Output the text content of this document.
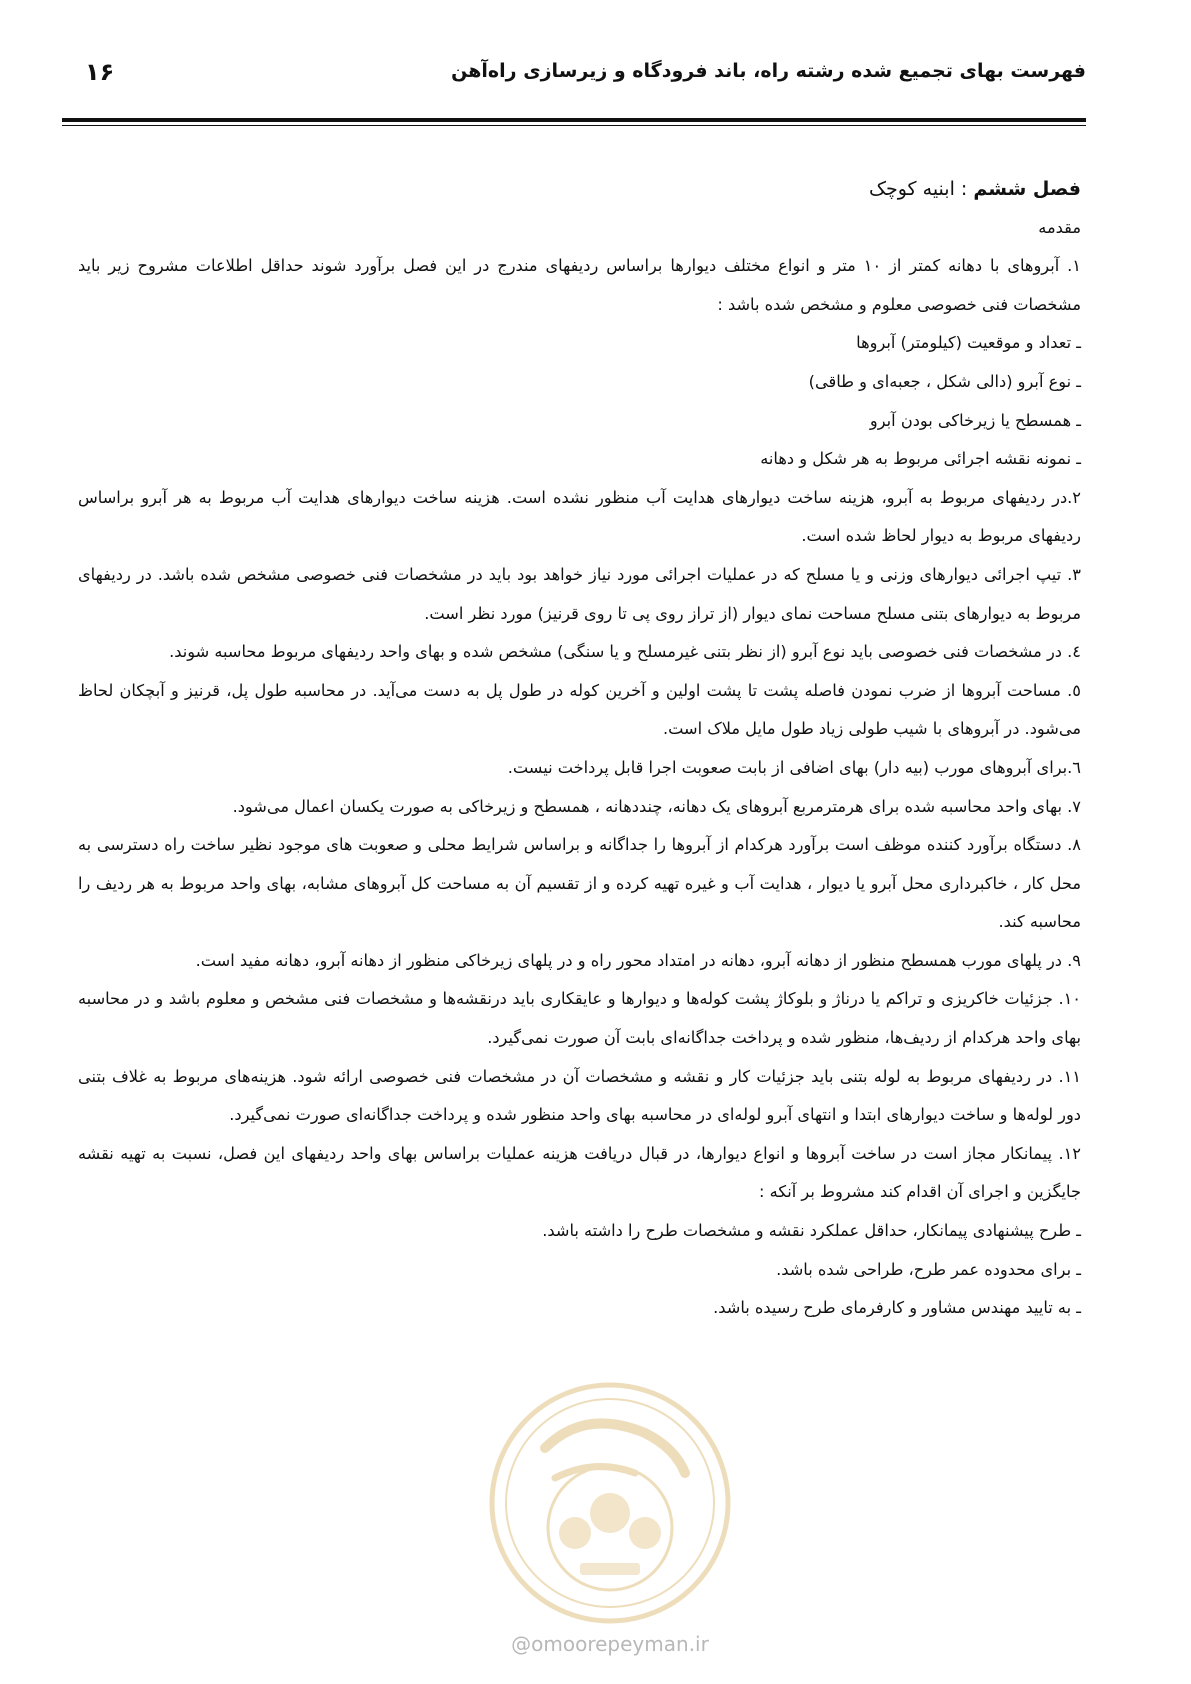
۱۶	فهرست بهای تجمیع شده رشته راه، باند فرودگاه و زیرسازی راه‌آهن

فصل ششم : ابنیه کوچک

مقدمه

۱. آبروهای با دهانه کمتر از ۱۰ متر و انواع مختلف دیوارها براساس ردیفهای مندرج در این فصل برآورد شوند حداقل اطلاعات مشروح زیر باید مشخصات فنی خصوصی معلوم و مشخص شده باشد :

ـ تعداد و موقعیت (کیلومتر) آبروها

ـ نوع آبرو (دالی شکل ، جعبه‌ای و طاقی)

ـ همسطح یا زیرخاکی بودن آبرو

ـ نمونه نقشه اجرائی مربوط به هر شکل و دهانه

۲.در ردیفهای مربوط به آبرو، هزینه ساخت دیوارهای هدایت آب منظور نشده است. هزینه ساخت دیوارهای هدایت آب مربوط به هر آبرو براساس ردیفهای مربوط به دیوار لحاظ شده است.

۳. تیپ اجرائی دیوارهای وزنی و یا مسلح که در عملیات اجرائی مورد نیاز خواهد بود باید در مشخصات فنی خصوصی مشخص شده باشد. در ردیفهای مربوط به دیوارهای بتنی مسلح مساحت نمای دیوار (از تراز روی پی تا روی قرنیز) مورد نظر است.

٤. در مشخصات فنی خصوصی باید نوع آبرو (از نظر بتنی غیرمسلح و یا سنگی) مشخص شده و بهای واحد ردیفهای مربوط محاسبه شوند.

٥. مساحت آبروها از ضرب نمودن فاصله پشت تا پشت اولین و آخرین کوله در طول پل به دست می‌آید. در محاسبه طول پل، قرنیز و آبچکان لحاظ می‌شود. در آبروهای با شیب طولی زیاد طول مایل ملاک است.

٦.برای آبروهای مورب (بیه دار) بهای اضافی از بابت صعوبت اجرا قابل پرداخت نیست.

۷. بهای واحد محاسبه شده برای هرمترمربع آبروهای یک دهانه، چنددهانه ، همسطح و زیرخاکی به صورت یکسان اعمال می‌شود.

۸. دستگاه برآورد کننده موظف است برآورد هرکدام از آبروها را جداگانه و براساس شرایط محلی و صعوبت های موجود نظیر ساخت راه دسترسی به محل کار ، خاکبرداری محل آبرو یا دیوار ، هدایت آب و غیره تهیه کرده و از تقسیم آن به مساحت کل آبروهای مشابه، بهای واحد مربوط به هر ردیف را محاسبه کند.

۹. در پلهای مورب همسطح منظور از دهانه آبرو، دهانه در امتداد محور راه و در پلهای زیرخاکی منظور از دهانه آبرو، دهانه مفید است.

۱۰. جزئیات خاکریزی و تراکم یا درناژ و بلوکاژ پشت کوله‌ها و دیوارها و عایقکاری باید درنقشه‌ها و مشخصات فنی مشخص و معلوم باشد و در محاسبه بهای واحد هرکدام از ردیف‌ها، منظور شده و پرداخت جداگانه‌ای بابت آن صورت نمی‌گیرد.

۱۱. در ردیفهای مربوط به لوله بتنی باید جزئیات کار و نقشه و مشخصات آن در مشخصات فنی خصوصی ارائه شود. هزینه‌های مربوط به غلاف بتنی دور لوله‌ها و ساخت دیوارهای ابتدا و انتهای آبرو لوله‌ای در محاسبه بهای واحد منظور شده و پرداخت جداگانه‌ای صورت نمی‌گیرد.

۱۲. پیمانکار مجاز است در ساخت آبروها و انواع دیوارها، در قبال دریافت هزینه عملیات براساس بهای واحد ردیفهای این فصل، نسبت به تهیه نقشه جایگزین و اجرای آن اقدام کند مشروط بر آنکه :

ـ طرح پیشنهادی پیمانکار، حداقل عملکرد نقشه و مشخصات طرح را داشته باشد.

ـ برای محدوده عمر طرح، طراحی شده باشد.

ـ به تایید مهندس مشاور و کارفرمای طرح رسیده باشد.

@omoorepeyman.ir
